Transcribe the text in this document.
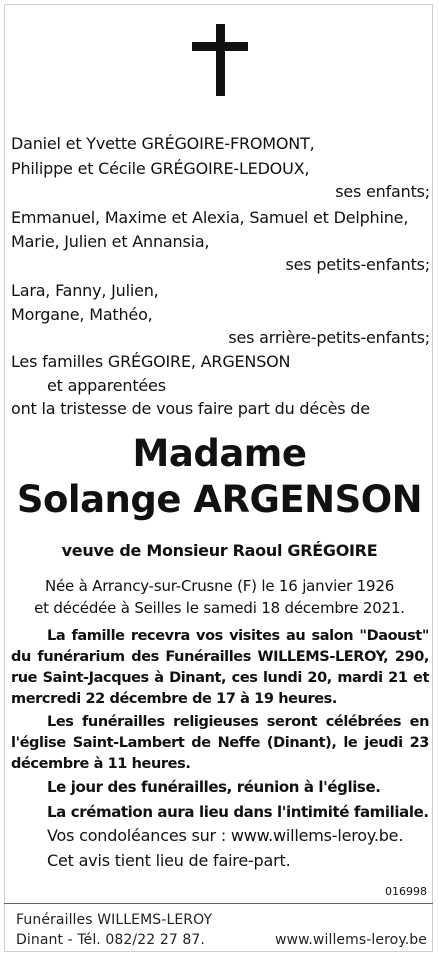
Daniel et Yvette GRÉGOIRE-FROMONT,
Philippe et Cécile GRÉGOIRE-LEDOUX,
ses enfants;
Emmanuel, Maxime et Alexia, Samuel et Delphine,
Marie, Julien et Annansia,
ses petits-enfants;
Lara, Fanny, Julien,
Morgane, Mathéo,
ses arrière-petits-enfants;
Les familles GRÉGOIRE, ARGENSON
et apparentées
ont la tristesse de vous faire part du décès de
Madame
Solange ARGENSON
veuve de Monsieur Raoul GRÉGOIRE
Née à Arrancy-sur-Crusne (F) le 16 janvier 1926
et décédée à Seilles le samedi 18 décembre 2021.
La famille recevra vos visites au salon "Daoust" du funérarium des Funérailles WILLEMS-LEROY, 290, rue Saint-Jacques à Dinant, ces lundi 20, mardi 21 et mercredi 22 décembre de 17 à 19 heures.
Les funérailles religieuses seront célébrées en l'église Saint-Lambert de Neffe (Dinant), le jeudi 23 décembre à 11 heures.
Le jour des funérailles, réunion à l'église.
La crémation aura lieu dans l'intimité familiale.
Vos condoléances sur : www.willems-leroy.be.
Cet avis tient lieu de faire-part.
016998
Funérailles WILLEMS-LEROY
Dinant - Tél. 082/22 27 87.	www.willems-leroy.be
